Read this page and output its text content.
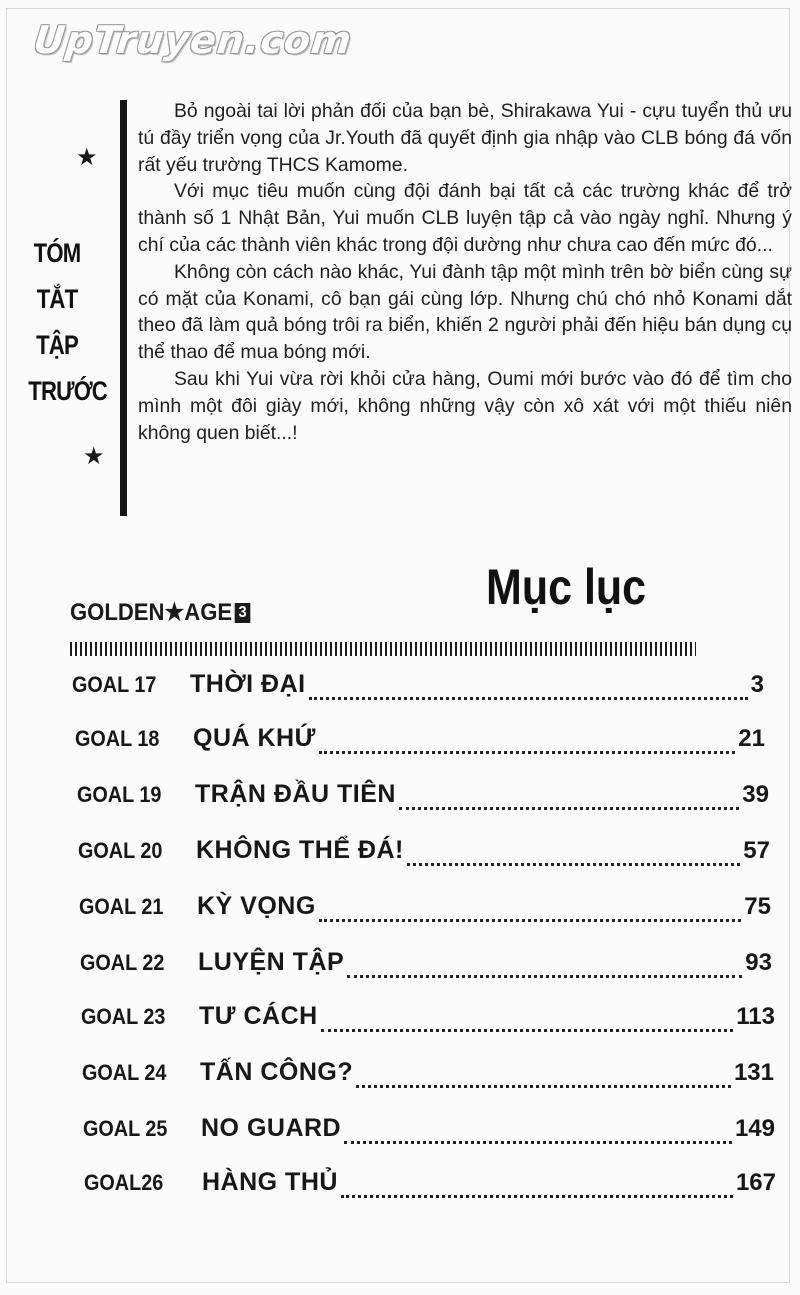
UpTruyen.com
★
TÓM
TẮT
TẬP
TRƯỚC
★

Bỏ ngoài tai lời phản đối của bạn bè, Shirakawa Yui - cựu tuyển thủ ưu tú đầy triển vọng của Jr.Youth đã quyết định gia nhập vào CLB bóng đá vốn rất yếu trường THCS Kamome.

Với mục tiêu muốn cùng đội đánh bại tất cả các trường khác để trở thành số 1 Nhật Bản, Yui muốn CLB luyện tập cả vào ngày nghỉ. Nhưng ý chí của các thành viên khác trong đội dường như chưa cao đến mức đó...

Không còn cách nào khác, Yui đành tập một mình trên bờ biển cùng sự có mặt của Konami, cô bạn gái cùng lớp. Nhưng chú chó nhỏ Konami dắt theo đã làm quả bóng trôi ra biển, khiến 2 người phải đến hiệu bán dụng cụ thể thao để mua bóng mới.

Sau khi Yui vừa rời khỏi cửa hàng, Oumi mới bước vào đó để tìm cho mình một đôi giày mới, không những vậy còn xô xát với một thiếu niên không quen biết...!

Mục lục
GOLDEN★AGE 3
GOAL 17	THỜI ĐẠI	3
GOAL 18	QUÁ KHỨ	21
GOAL 19	TRẬN ĐẦU TIÊN	39
GOAL 20	KHÔNG THỂ ĐÁ!	57
GOAL 21	KỲ VỌNG	75
GOAL 22	LUYỆN TẬP	93
GOAL 23	TƯ CÁCH	113
GOAL 24	TẤN CÔNG?	131
GOAL 25	NO GUARD	149
GOAL26	HÀNG THỦ	167
